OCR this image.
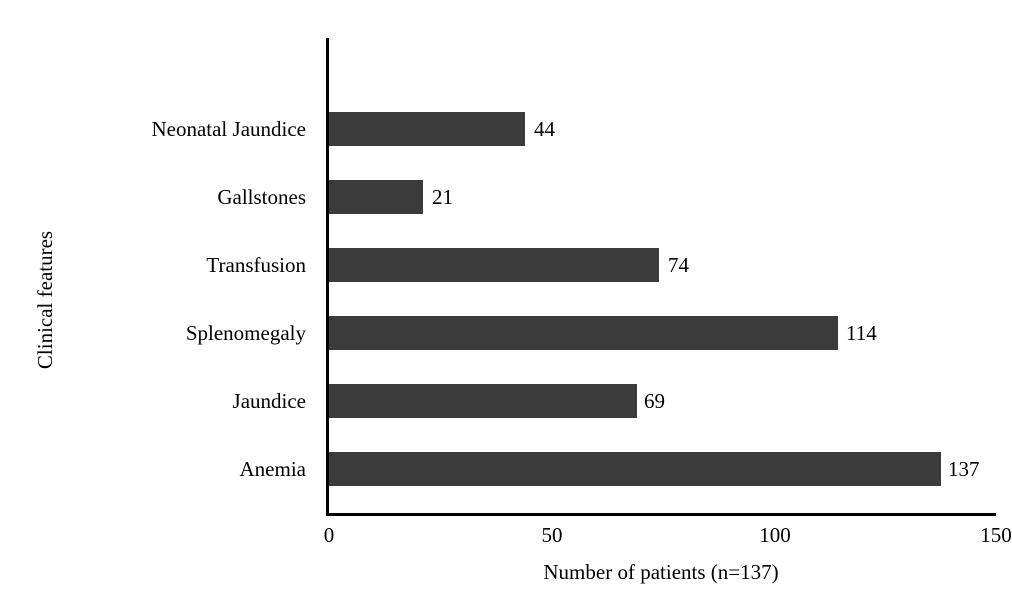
Clinical features
Neonatal Jaundice
Gallstones
Transfusion
Splenomegaly
Jaundice
Anemia
44
21
74
114
69
137
0	50	100	150
Number of patients (n=137)
